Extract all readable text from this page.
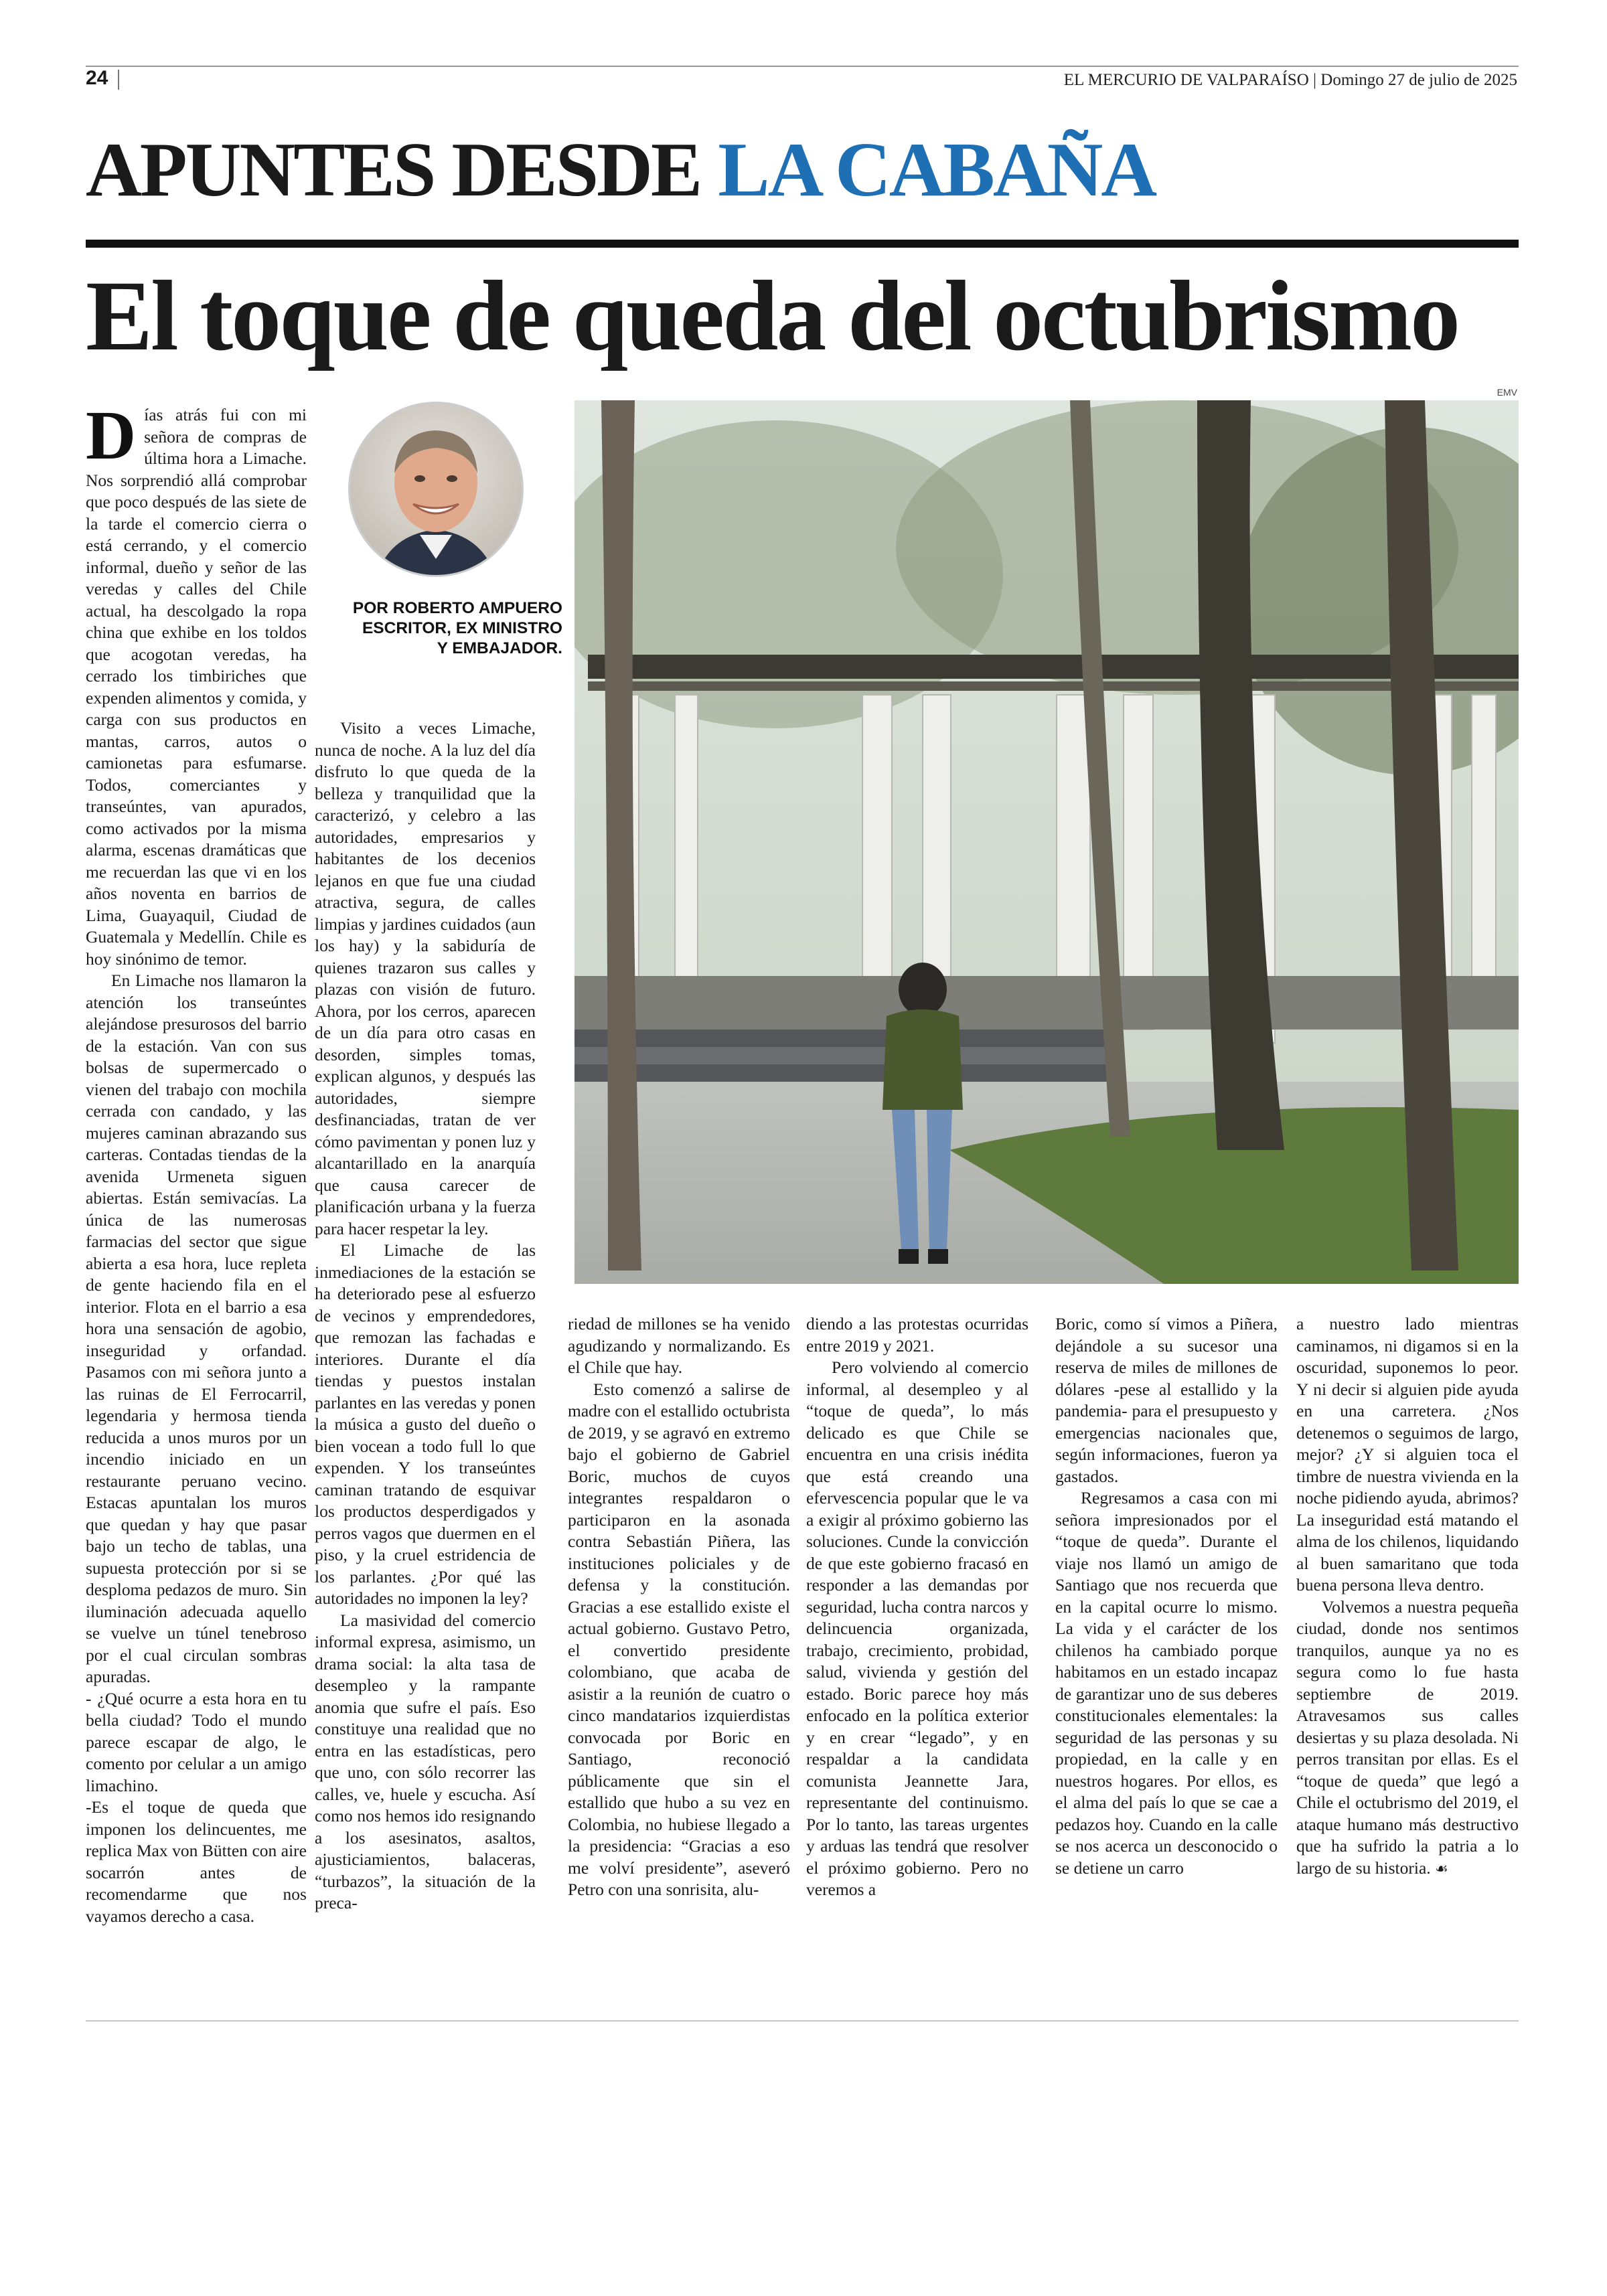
24	EL MERCURIO DE VALPARAÍSO | Domingo 27 de julio de 2025
APUNTES DESDE LA CABAÑA
El toque de queda del octubrismo
D ías atrás fui con mi señora de compras de última hora a Limache. Nos sorprendió allá comprobar que poco después de las siete de la tarde el comercio cierra o está cerrando, y el comercio informal, dueño y señor de las veredas y calles del Chile actual, ha descolgado la ropa china que exhibe en los toldos que acogotan veredas, ha cerrado los timbiriches que expenden alimentos y comida, y carga con sus productos en mantas, carros, autos o camionetas para esfumarse. Todos, comerciantes y transeúntes, van apurados, como activados por la misma alarma, escenas dramáticas que me recuerdan las que vi en los años noventa en barrios de Lima, Guayaquil, Ciudad de Guatemala y Medellín. Chile es hoy sinónimo de temor.

En Limache nos llamaron la atención los transeúntes alejándose presurosos del barrio de la estación. Van con sus bolsas de supermercado o vienen del trabajo con mochila cerrada con candado, y las mujeres caminan abrazando sus carteras. Contadas tiendas de la avenida Urmeneta siguen abiertas. Están semivacías. La única de las numerosas farmacias del sector que sigue abierta a esa hora, luce repleta de gente haciendo fila en el interior. Flota en el barrio a esa hora una sensación de agobio, inseguridad y orfandad. Pasamos con mi señora junto a las ruinas de El Ferrocarril, legendaria y hermosa tienda reducida a unos muros por un incendio iniciado en un restaurante peruano vecino. Estacas apuntalan los muros que quedan y hay que pasar bajo un techo de tablas, una supuesta protección por si se desploma pedazos de muro. Sin iluminación adecuada aquello se vuelve un túnel tenebroso por el cual circulan sombras apuradas.

- ¿Qué ocurre a esta hora en tu bella ciudad? Todo el mundo parece escapar de algo, le comento por celular a un amigo limachino.

-Es el toque de queda que imponen los delincuentes, me replica Max von Bütten con aire socarrón antes de recomendarme que nos vayamos derecho a casa.

POR ROBERTO AMPUERO
ESCRITOR, EX MINISTRO
Y EMBAJADOR.

Visito a veces Limache, nunca de noche. A la luz del día disfruto lo que queda de la belleza y tranquilidad que la caracterizó, y celebro a las autoridades, empresarios y habitantes de los decenios lejanos en que fue una ciudad atractiva, segura, de calles limpias y jardines cuidados (aun los hay) y la sabiduría de quienes trazaron sus calles y plazas con visión de futuro. Ahora, por los cerros, aparecen de un día para otro casas en desorden, simples tomas, explican algunos, y después las autoridades, siempre desfinanciadas, tratan de ver cómo pavimentan y ponen luz y alcantarillado en la anarquía que causa carecer de planificación urbana y la fuerza para hacer respetar la ley.

El Limache de las inmediaciones de la estación se ha deteriorado pese al esfuerzo de vecinos y emprendedores, que remozan las fachadas e interiores. Durante el día tiendas y puestos instalan parlantes en las veredas y ponen la música a gusto del dueño o bien vocean a todo full lo que expenden. Y los transeúntes caminan tratando de esquivar los productos desperdigados y perros vagos que duermen en el piso, y la cruel estridencia de los parlantes. ¿Por qué las autoridades no imponen la ley?

La masividad del comercio informal expresa, asimismo, un drama social: la alta tasa de desempleo y la rampante anomia que sufre el país. Eso constituye una realidad que no entra en las estadísticas, pero que uno, con sólo recorrer las calles, ve, huele y escucha. Así como nos hemos ido resignando a los asesinatos, asaltos, ajusticiamientos, balaceras, “turbazos”, la situación de la preca-

EMV

riedad de millones se ha venido agudizando y normalizando. Es el Chile que hay.

Esto comenzó a salirse de madre con el estallido octubrista de 2019, y se agravó en extremo bajo el gobierno de Gabriel Boric, muchos de cuyos integrantes respaldaron o participaron en la asonada contra Sebastián Piñera, las instituciones policiales y de defensa y la constitución. Gracias a ese estallido existe el actual gobierno. Gustavo Petro, el convertido presidente colombiano, que acaba de asistir a la reunión de cuatro o cinco mandatarios izquierdistas convocada por Boric en Santiago, reconoció públicamente que sin el estallido que hubo a su vez en Colombia, no hubiese llegado a la presidencia: “Gracias a eso me volví presidente”, aseveró Petro con una sonrisita, alu-

diendo a las protestas ocurridas entre 2019 y 2021.

Pero volviendo al comercio informal, al desempleo y al “toque de queda”, lo más delicado es que Chile se encuentra en una crisis inédita que está creando una efervescencia popular que le va a exigir al próximo gobierno las soluciones. Cunde la convicción de que este gobierno fracasó en responder a las demandas por seguridad, lucha contra narcos y delincuencia organizada, trabajo, crecimiento, probidad, salud, vivienda y gestión del estado. Boric parece hoy más enfocado en la política exterior y en crear “legado”, y en respaldar a la candidata comunista Jeannette Jara, representante del continuismo. Por lo tanto, las tareas urgentes y arduas las tendrá que resolver el próximo gobierno. Pero no veremos a

Boric, como sí vimos a Piñera, dejándole a su sucesor una reserva de miles de millones de dólares -pese al estallido y la pandemia- para el presupuesto y emergencias nacionales que, según informaciones, fueron ya gastados.

Regresamos a casa con mi señora impresionados por el “toque de queda”. Durante el viaje nos llamó un amigo de Santiago que nos recuerda que en la capital ocurre lo mismo. La vida y el carácter de los chilenos ha cambiado porque habitamos en un estado incapaz de garantizar uno de sus deberes constitucionales elementales: la seguridad de las personas y su propiedad, en la calle y en nuestros hogares. Por ellos, es el alma del país lo que se cae a pedazos hoy. Cuando en la calle se nos acerca un desconocido o se detiene un carro

a nuestro lado mientras caminamos, ni digamos si en la oscuridad, suponemos lo peor. Y ni decir si alguien pide ayuda en una carretera. ¿Nos detenemos o seguimos de largo, mejor? ¿Y si alguien toca el timbre de nuestra vivienda en la noche pidiendo ayuda, abrimos? La inseguridad está matando el alma de los chilenos, liquidando al buen samaritano que toda buena persona lleva dentro.

Volvemos a nuestra pequeña ciudad, donde nos sentimos tranquilos, aunque ya no es segura como lo fue hasta septiembre de 2019. Atravesamos sus calles desiertas y su plaza desolada. Ni perros transitan por ellas. Es el “toque de queda” que legó a Chile el octubrismo del 2019, el ataque humano más destructivo que ha sufrido la patria a lo largo de su historia. ☙
